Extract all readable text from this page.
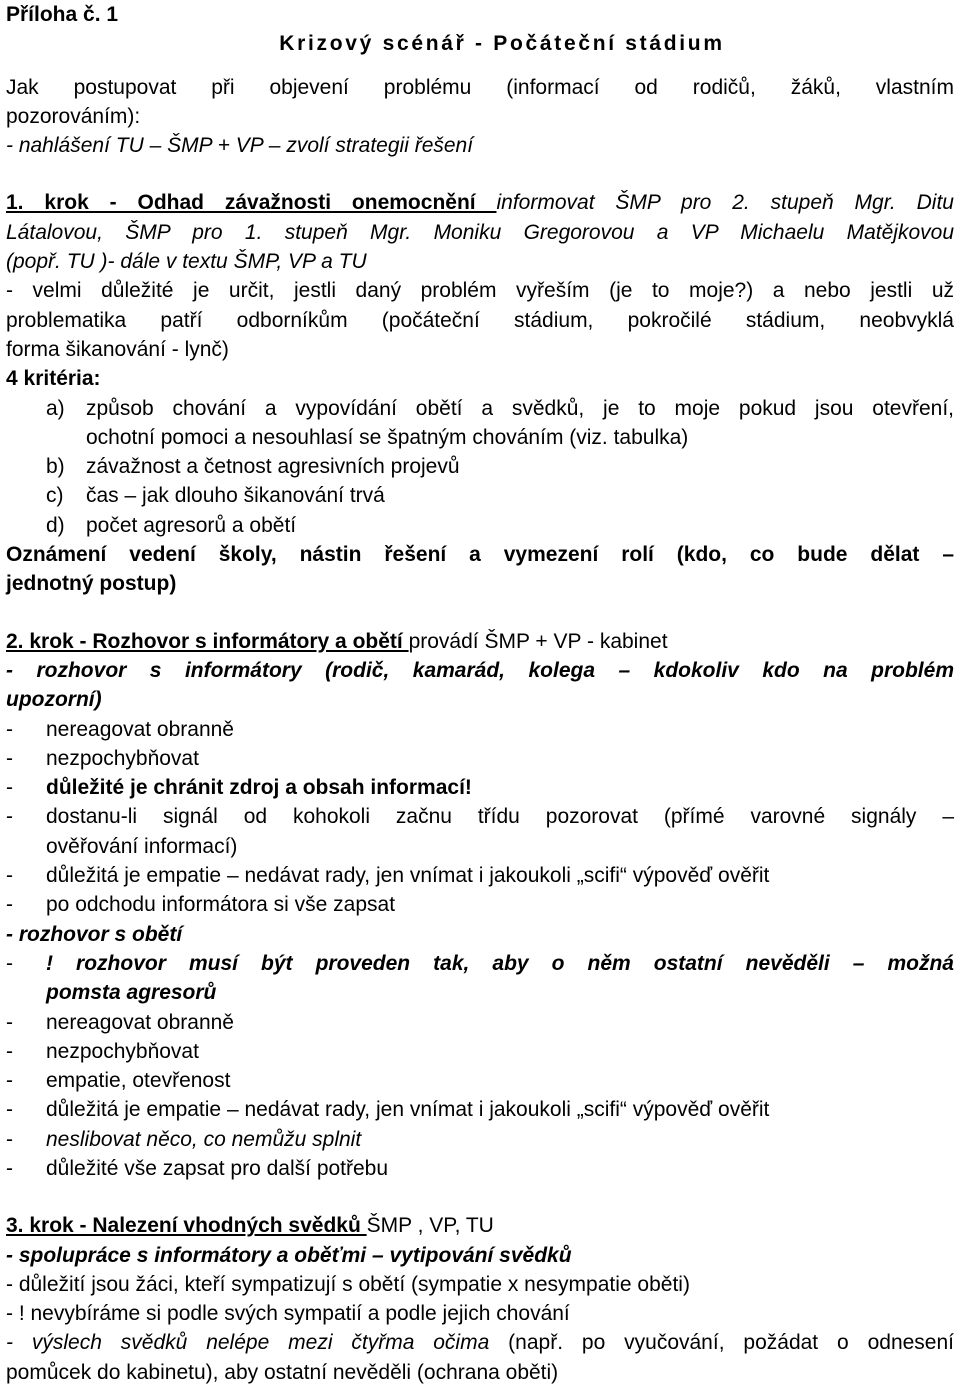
Příloha č. 1
Krizový scénář - Počáteční stádium
Jak postupovat při objevení problému (informací od rodičů, žáků, vlastním
pozorováním):
- nahlášení TU – ŠMP + VP – zvolí strategii řešení
1. krok - Odhad závažnosti onemocnění informovat ŠMP pro 2. stupeň Mgr. Ditu
Látalovou, ŠMP pro 1. stupeň Mgr. Moniku Gregorovou a VP Michaelu Matějkovou
(popř. TU )- dále v textu ŠMP, VP a TU
- velmi důležité je určit, jestli daný problém vyřeším (je to moje?) a nebo jestli už
problematika patří odborníkům (počáteční stádium, pokročilé stádium, neobvyklá
forma šikanování - lynč)
4 kritéria:
a)	způsob chování a vypovídání obětí a svědků, je to moje pokud jsou otevření,
ochotní pomoci a nesouhlasí se špatným chováním (viz. tabulka)
b)	závažnost a četnost agresivních projevů
c)	čas – jak dlouho šikanování trvá
d)	počet agresorů a obětí
Oznámení vedení školy, nástin řešení a vymezení rolí (kdo, co bude dělat –
jednotný postup)
2. krok - Rozhovor s informátory a obětí provádí ŠMP + VP - kabinet
- rozhovor s informátory (rodič, kamarád, kolega – kdokoliv kdo na problém
upozorní)
-	nereagovat obranně
-	nezpochybňovat
-	důležité je chránit zdroj a obsah informací!
-	dostanu-li signál od kohokoli začnu třídu pozorovat (přímé varovné signály –
ověřování informací)
-	důležitá je empatie – nedávat rady, jen vnímat i jakoukoli „scifi“ výpověď ověřit
-	po odchodu informátora si vše zapsat
- rozhovor s obětí
-	! rozhovor musí být proveden tak, aby o něm ostatní nevěděli – možná
pomsta agresorů
-	nereagovat obranně
-	nezpochybňovat
-	empatie, otevřenost
-	důležitá je empatie – nedávat rady, jen vnímat i jakoukoli „scifi“ výpověď ověřit
-	neslibovat něco, co nemůžu splnit
-	důležité vše zapsat pro další potřebu
3. krok - Nalezení vhodných svědků ŠMP , VP, TU
- spolupráce s informátory a oběťmi – vytipování svědků
- důležití jsou žáci, kteří sympatizují s obětí (sympatie x nesympatie oběti)
- ! nevybíráme si podle svých sympatií a podle jejich chování
- výslech svědků nelépe mezi čtyřma očima (např. po vyučování, požádat o odnesení
pomůcek do kabinetu), aby ostatní nevěděli (ochrana oběti)
